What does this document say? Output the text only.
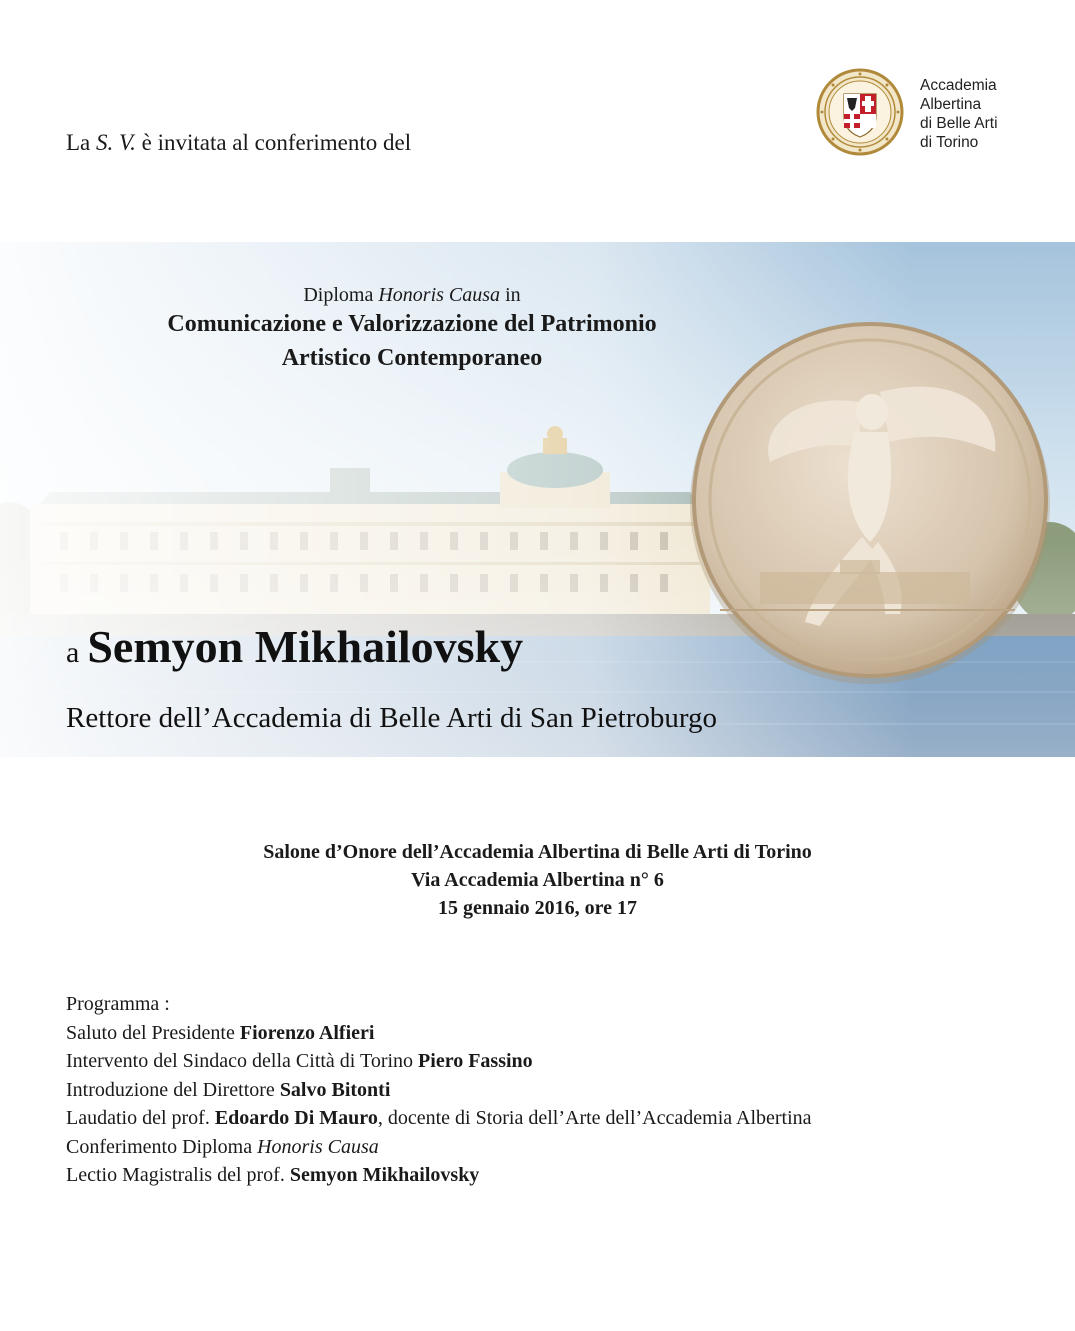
La S. V. è invitata al conferimento del
Accademia
Albertina
di Belle Arti
di Torino
Diploma Honoris Causa in
Comunicazione e Valorizzazione del Patrimonio
Artistico Contemporaneo
a Semyon Mikhailovsky
Rettore dell’Accademia di Belle Arti di San Pietroburgo
Salone d’Onore dell’Accademia Albertina di Belle Arti di Torino
Via Accademia Albertina n° 6
15 gennaio 2016, ore 17
Programma :
Saluto del Presidente Fiorenzo Alfieri
Intervento del Sindaco della Città di Torino Piero Fassino
Introduzione del Direttore Salvo Bitonti
Laudatio del prof. Edoardo Di Mauro, docente di Storia dell’Arte dell’Accademia Albertina
Conferimento Diploma Honoris Causa
Lectio Magistralis del prof. Semyon Mikhailovsky
